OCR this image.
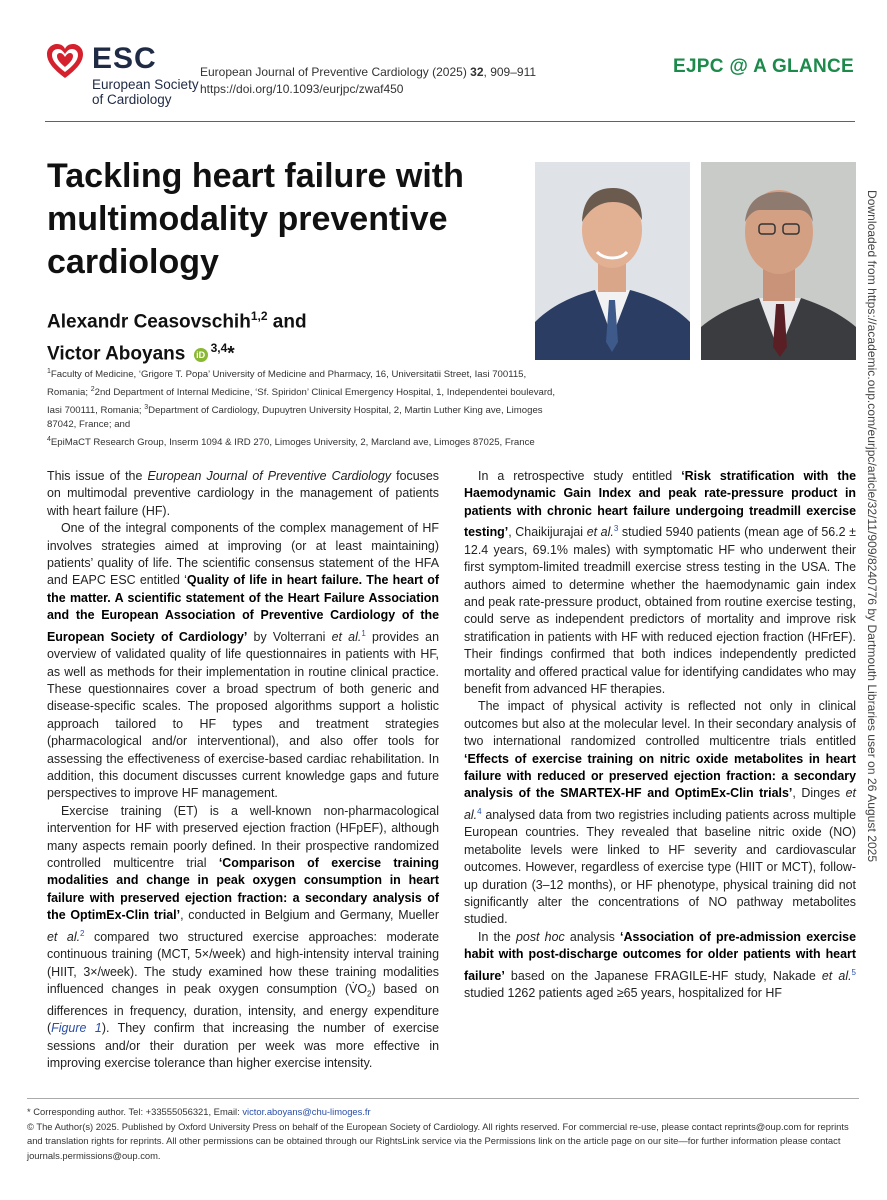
ESC
European Society
of Cardiology
European Journal of Preventive Cardiology (2025) 32, 909–911
https://doi.org/10.1093/eurjpc/zwaf450
EJPC @ A GLANCE
Tackling heart failure with multimodality preventive cardiology
Alexandr Ceasovschih$^{1,2}$ and
Victor Aboyans iD $^{3,4}$*
$^1$Faculty of Medicine, ‘Grigore T. Popa’ University of Medicine and Pharmacy, 16, Universitatii Street, Iasi 700115, Romania; $^2$2nd Department of Internal Medicine, ‘Sf. Spiridon’ Clinical Emergency Hospital, 1, Independentei boulevard, Iasi 700111, Romania; $^3$Department of Cardiology, Dupuytren University Hospital, 2, Martin Luther King ave, Limoges 87042, France; and
$^4$EpiMaCT Research Group, Inserm 1094 & IRD 270, Limoges University, 2, Marcland ave, Limoges 87025, France	Downloaded from https://academic.oup.com/eurjpc/article/32/11/909/8240776 by Dartmouth Libraries user on 26 August 2025

This issue of the European Journal of Preventive Cardiology focuses on multimodal preventive cardiology in the management of patients with heart failure (HF).

One of the integral components of the complex management of HF involves strategies aimed at improving (or at least maintaining) patients’ quality of life. The scientific consensus statement of the HFA and EAPC ESC entitled ‘Quality of life in heart failure. The heart of the matter. A scientific statement of the Heart Failure Association and the European Association of Preventive Cardiology of the European Society of Cardiology’ by Volterrani et al.$^1$ provides an overview of validated quality of life questionnaires in patients with HF, as well as methods for their implementation in routine clinical practice. These questionnaires cover a broad spectrum of both generic and disease-specific scales. The proposed algorithms support a holistic approach tailored to HF types and treatment strategies (pharmacological and/or interventional), and also offer tools for assessing the effectiveness of exercise-based cardiac rehabilitation. In addition, this document discusses current knowledge gaps and future perspectives to improve HF management.

Exercise training (ET) is a well-known non-pharmacological intervention for HF with preserved ejection fraction (HFpEF), although many aspects remain poorly defined. In their prospective randomized controlled multicentre trial ‘Comparison of exercise training modalities and change in peak oxygen consumption in heart failure with preserved ejection fraction: a secondary analysis of the OptimEx-Clin trial’, conducted in Belgium and Germany, Mueller et al.$^2$ compared two structured exercise approaches: moderate continuous training (MCT, 5×/week) and high-intensity interval training (HIIT, 3×/week). The study examined how these training modalities influenced changes in peak oxygen consumption $(V̇O_2)$ based on differences in frequency, duration, intensity, and energy expenditure (Figure 1). They confirm that increasing the number of exercise sessions and/or their duration per week was more effective in improving exercise tolerance than higher exercise intensity.

In a retrospective study entitled ‘Risk stratification with the Haemodynamic Gain Index and peak rate-pressure product in patients with chronic heart failure undergoing treadmill exercise testing’, Chaikijurajai et al.$^3$ studied 5940 patients (mean age of 56.2 ± 12.4 years, 69.1% males) with symptomatic HF who underwent their first symptom-limited treadmill exercise stress testing in the USA. The authors aimed to determine whether the haemodynamic gain index and peak rate-pressure product, obtained from routine exercise testing, could serve as independent predictors of mortality and improve risk stratification in patients with HF with reduced ejection fraction (HFrEF). Their findings confirmed that both indices independently predicted mortality and offered practical value for identifying candidates who may benefit from advanced HF therapies.

The impact of physical activity is reflected not only in clinical outcomes but also at the molecular level. In their secondary analysis of two international randomized controlled multicentre trials entitled ‘Effects of exercise training on nitric oxide metabolites in heart failure with reduced or preserved ejection fraction: a secondary analysis of the SMARTEX-HF and OptimEx-Clin trials’, Dinges et al.$^4$ analysed data from two registries including patients across multiple European countries. They revealed that baseline nitric oxide (NO) metabolite levels were linked to HF severity and cardiovascular outcomes. However, regardless of exercise type (HIIT or MCT), follow-up duration (3–12 months), or HF phenotype, physical training did not significantly alter the concentrations of NO pathway metabolites studied.

In the post hoc analysis ‘Association of pre-admission exercise habit with post-discharge outcomes for older patients with heart failure’ based on the Japanese FRAGILE-HF study, Nakade et al.$^5$ studied 1262 patients aged ≥65 years, hospitalized for HF

* Corresponding author. Tel: +33555056321, Email: victor.aboyans@chu-limoges.fr
© The Author(s) 2025. Published by Oxford University Press on behalf of the European Society of Cardiology. All rights reserved. For commercial re-use, please contact reprints@oup.com for reprints and translation rights for reprints. All other permissions can be obtained through our RightsLink service via the Permissions link on the article page on our site—for further information please contact journals.permissions@oup.com.
